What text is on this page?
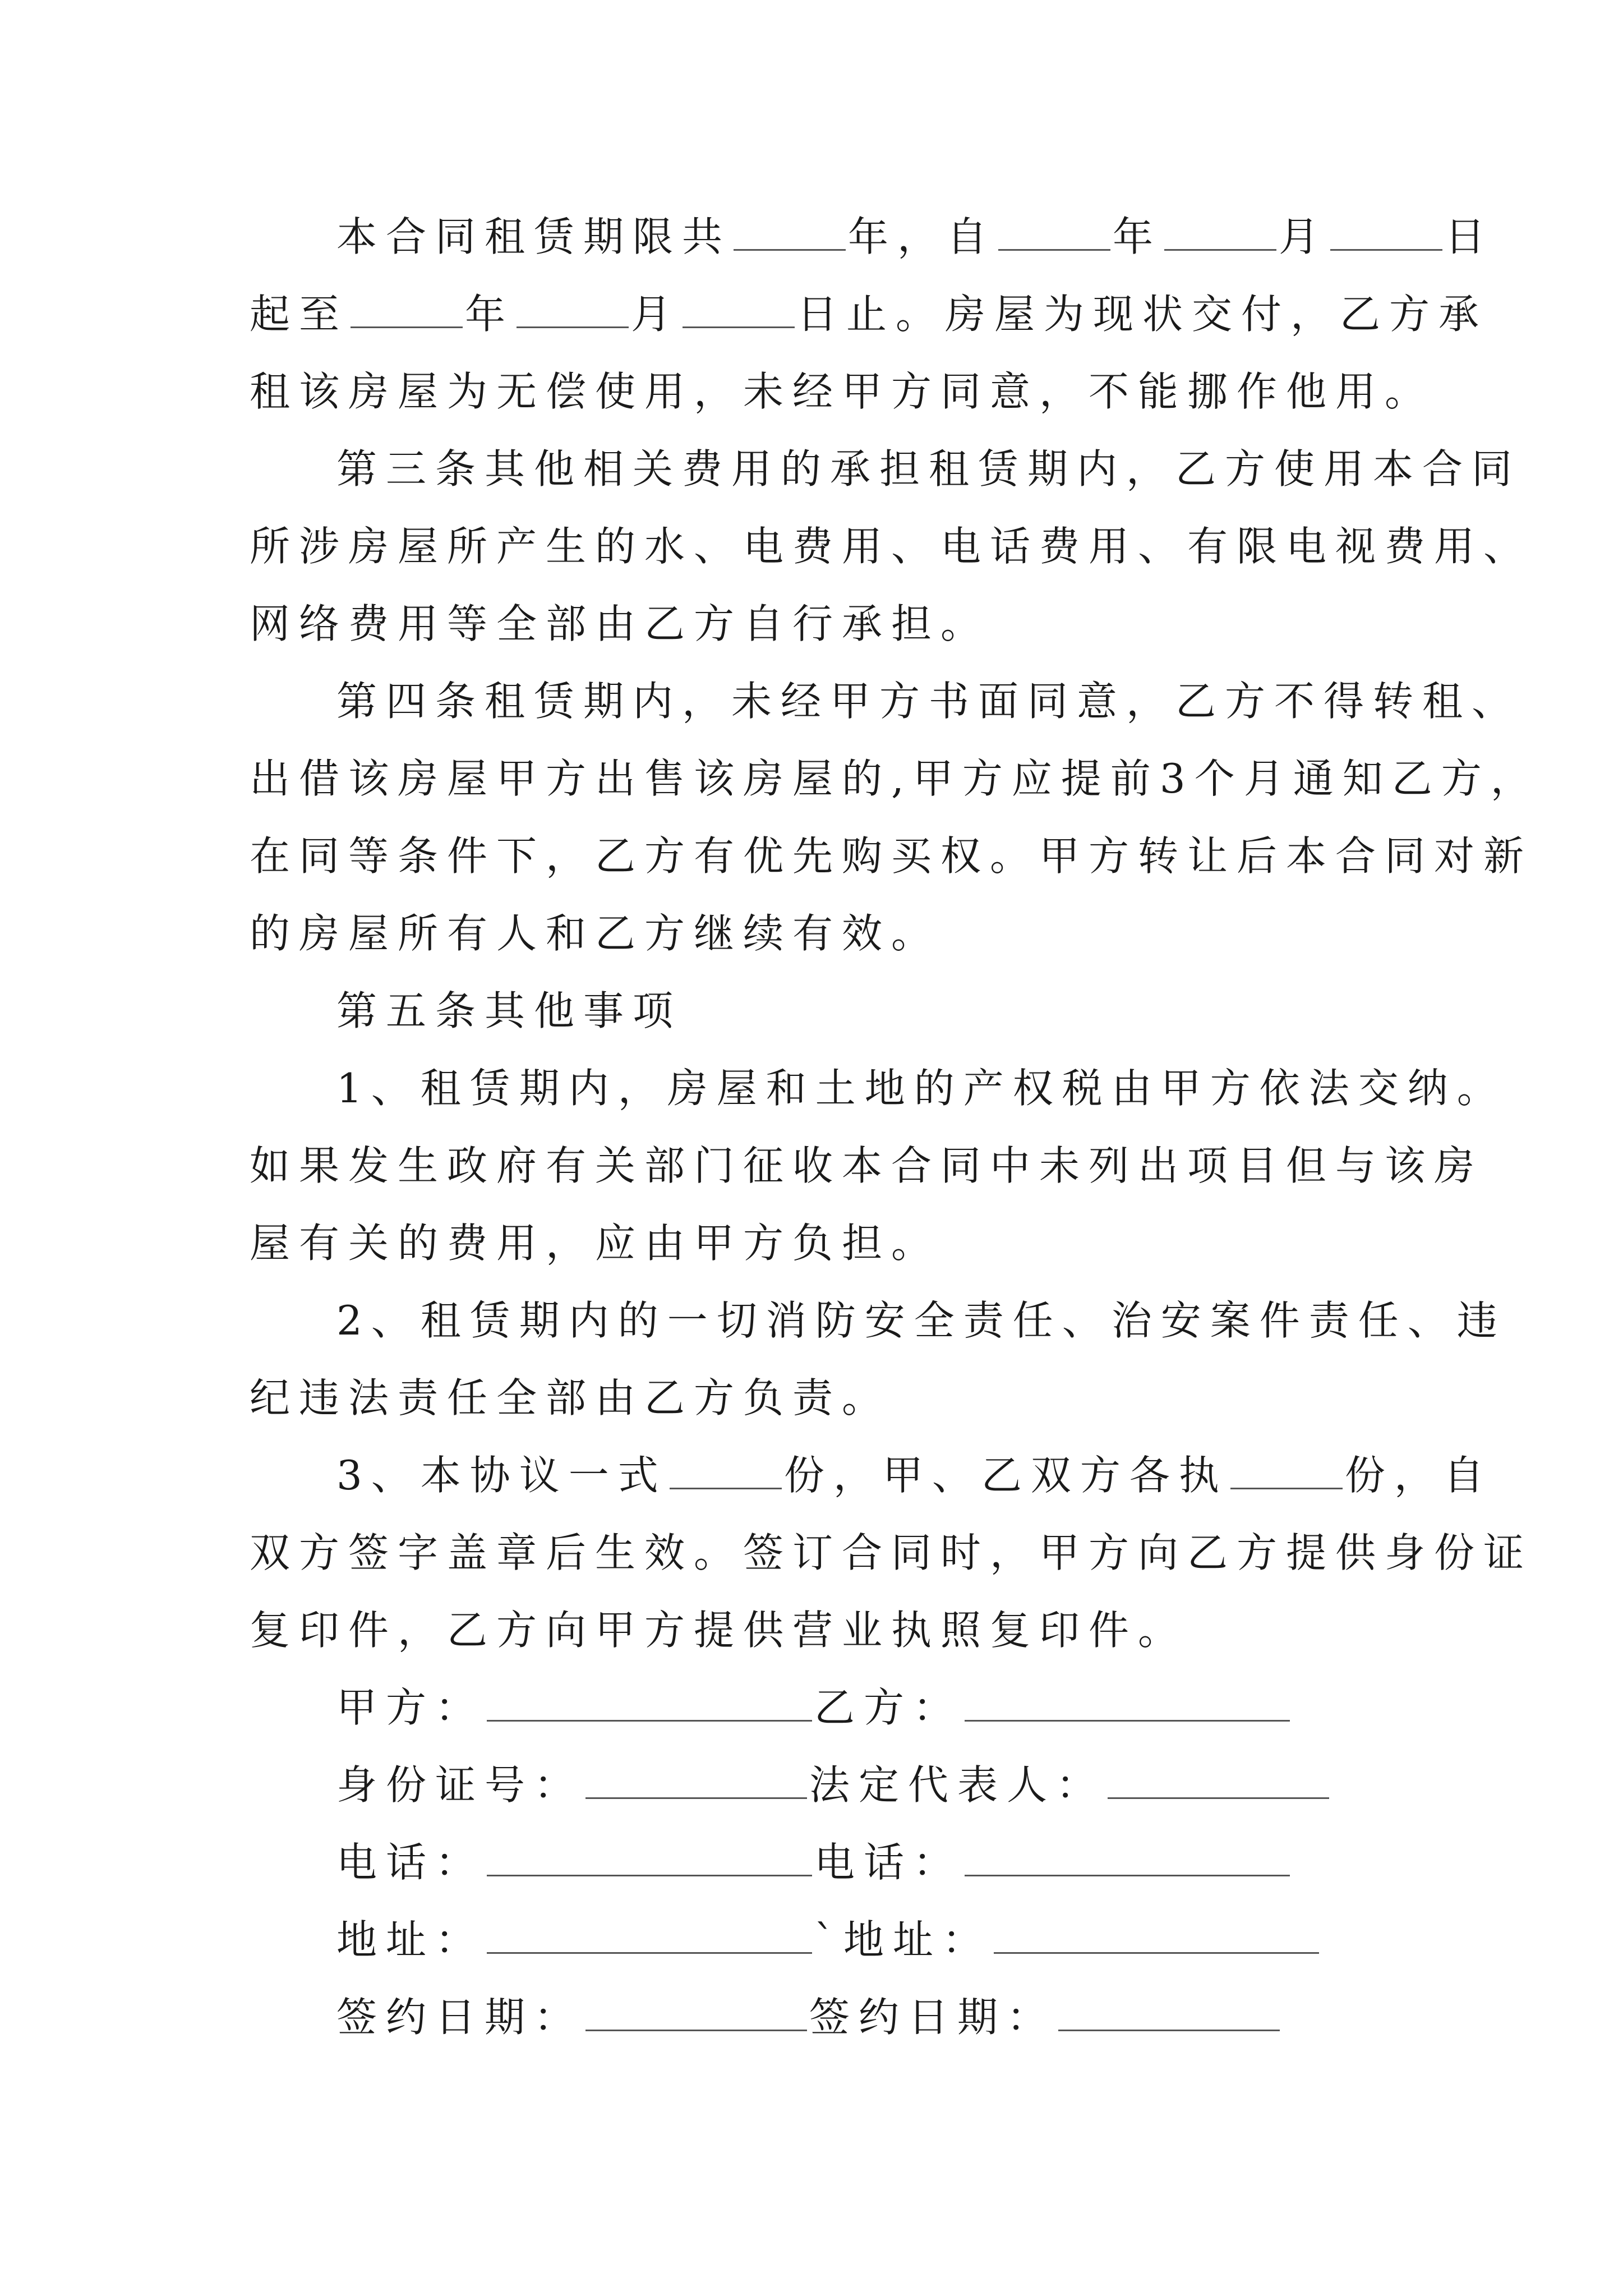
本合同租赁期限共	年，自	年	月	日
起至	年	月	日止。房屋为现状交付，乙方承
租该房屋为无偿使用，未经甲方同意，不能挪作他用。
第三条其他相关费用的承担租赁期内，乙方使用本合同
所涉房屋所产生的水、电费用、电话费用、有限电视费用、
网络费用等全部由乙方自行承担。
第四条租赁期内，未经甲方书面同意，乙方不得转租、
出借该房屋甲方出售该房屋的,甲方应提前3个月通知乙方，
在同等条件下，乙方有优先购买权。甲方转让后本合同对新
的房屋所有人和乙方继续有效。
第五条其他事项
1、租赁期内，房屋和土地的产权税由甲方依法交纳。
如果发生政府有关部门征收本合同中未列出项目但与该房
屋有关的费用，应由甲方负担。
2、租赁期内的一切消防安全责任、治安案件责任、违
纪违法责任全部由乙方负责。
3、本协议一式	份，甲、乙双方各执	份，自
双方签字盖章后生效。签订合同时，甲方向乙方提供身份证
复印件，乙方向甲方提供营业执照复印件。
甲方：	乙方：
身份证号：	法定代表人：
电话：	电话：
地址：	`地址：
签约日期：	签约日期：
